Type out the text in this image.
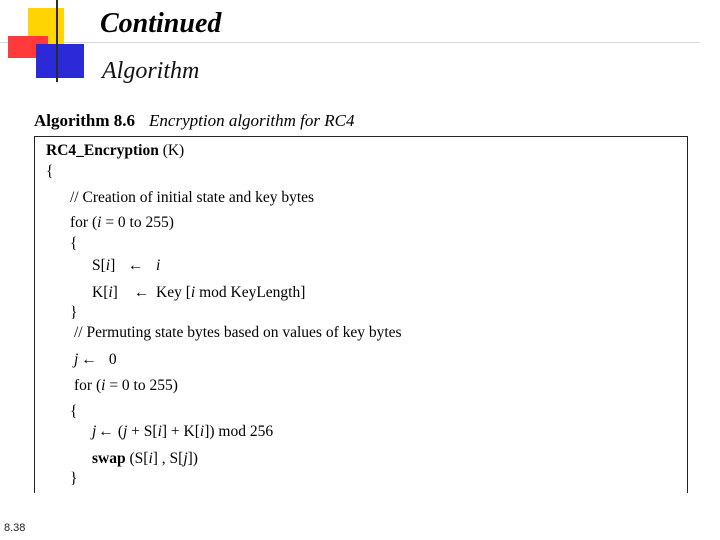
Continued
Algorithm
Algorithm 8.6 Encryption algorithm for RC4
RC4_Encryption (K)
{
// Creation of initial state and key bytes
for (i = 0 to 255)
{
S[i] ← i
K[i] ← Key [i mod KeyLength]
}
// Permuting state bytes based on values of key bytes
j ← 0
for (i = 0 to 255)
{
j ← (j + S[i] + K[i]) mod 256
swap (S[i] , S[j])
}
8.38
